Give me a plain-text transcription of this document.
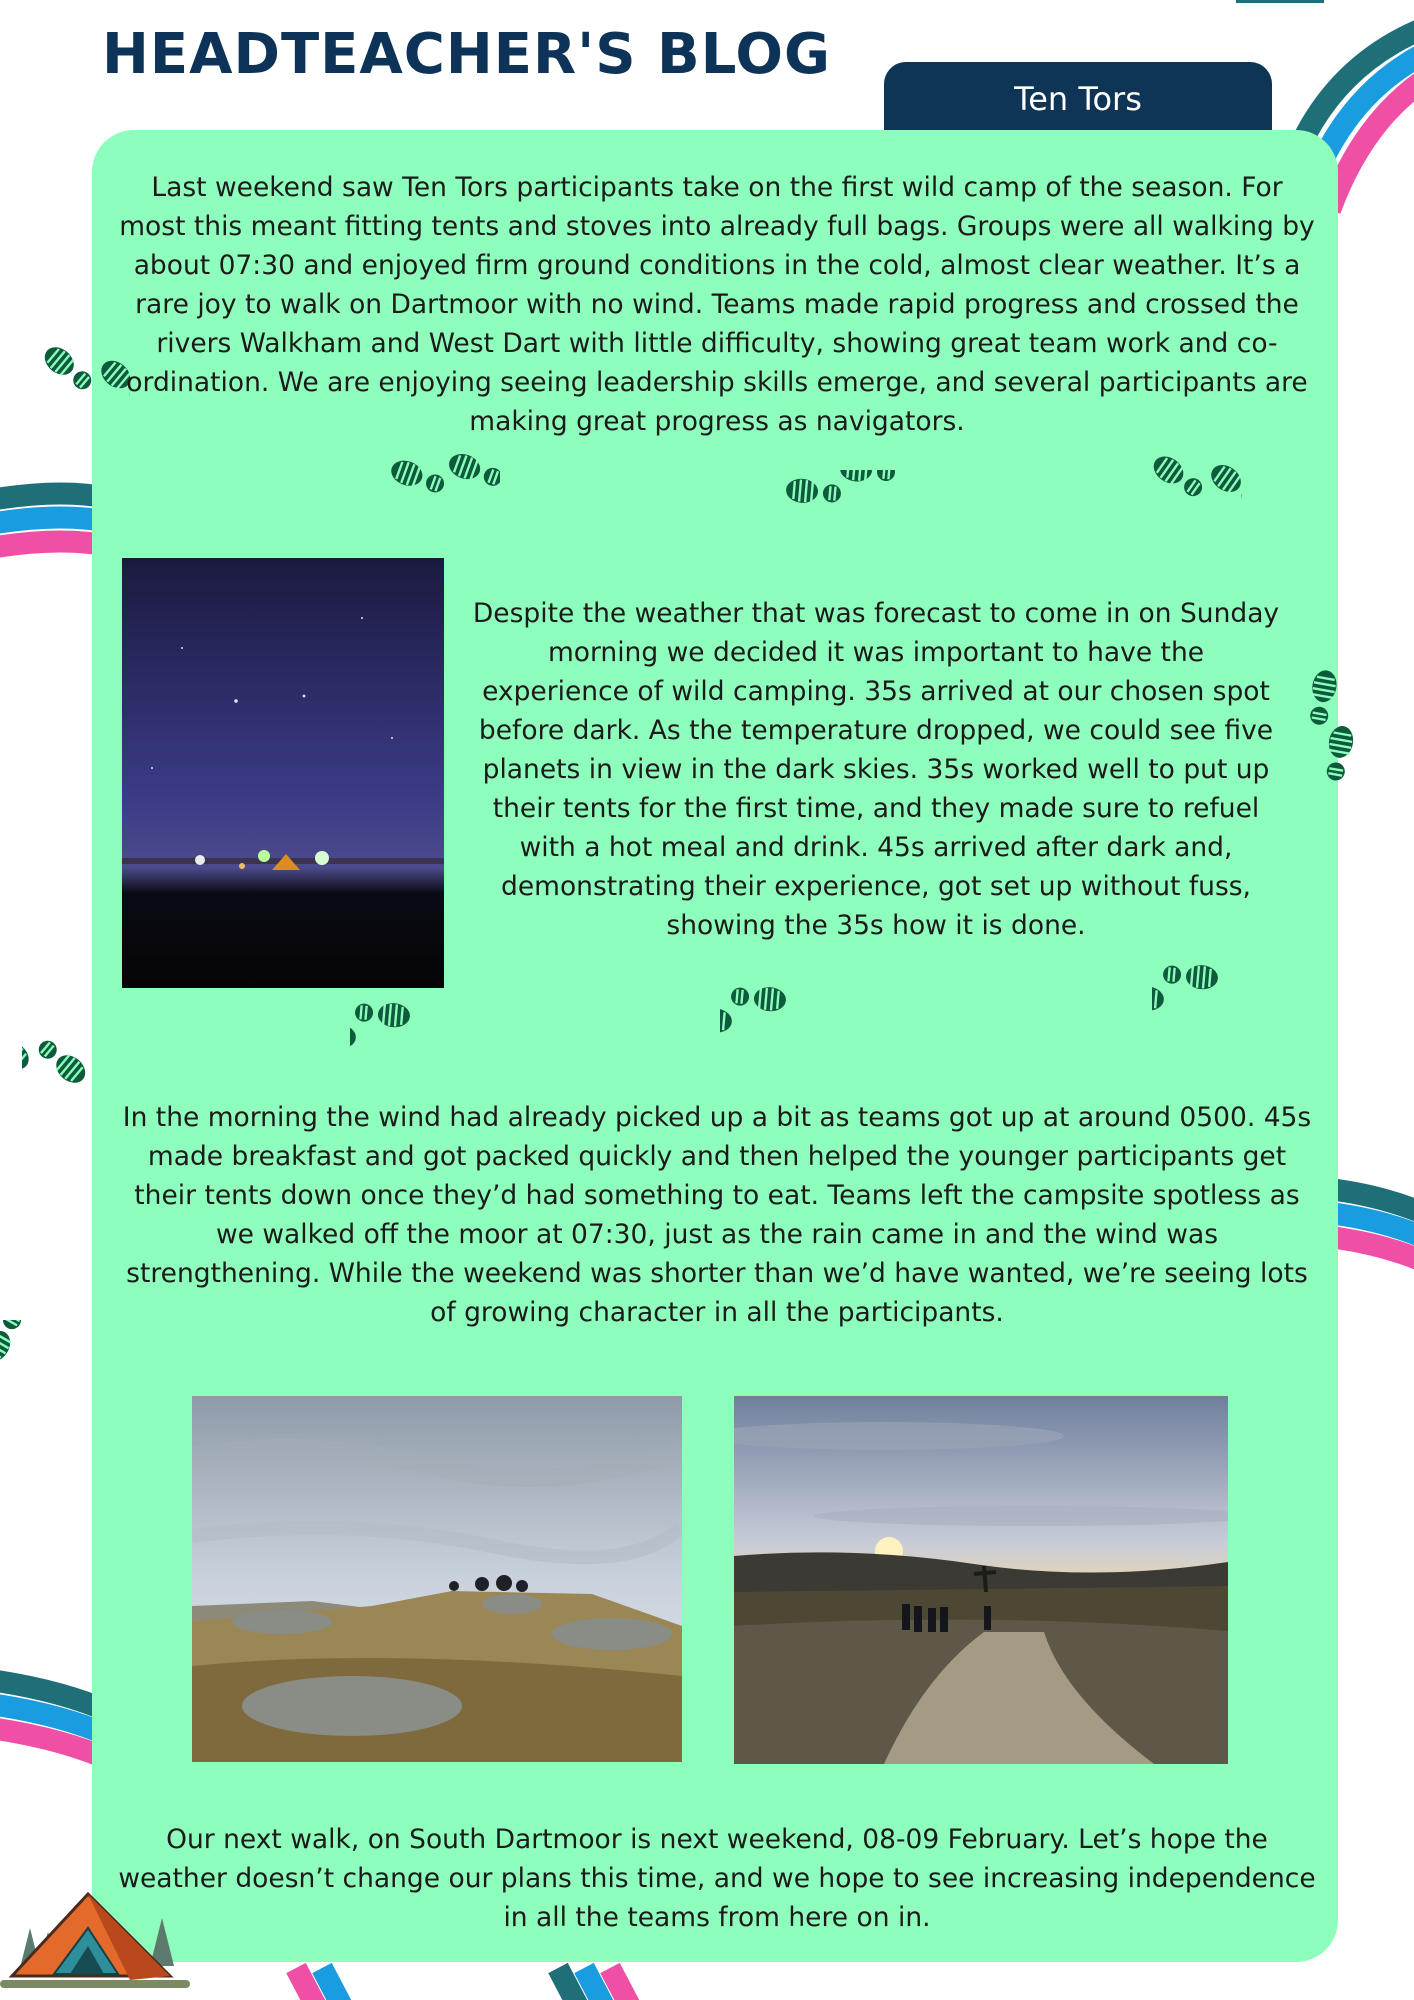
HEADTEACHER'S BLOG
Ten Tors

Last weekend saw Ten Tors participants take on the first wild camp of the season. For most this meant fitting tents and stoves into already full bags. Groups were all walking by about 07:30 and enjoyed firm ground conditions in the cold, almost clear weather. It’s a rare joy to walk on Dartmoor with no wind. Teams made rapid progress and crossed the rivers Walkham and West Dart with little difficulty, showing great team work and co-ordination. We are enjoying seeing leadership skills emerge, and several participants are making great progress as navigators.

Despite the weather that was forecast to come in on Sunday morning we decided it was important to have the experience of wild camping. 35s arrived at our chosen spot before dark. As the temperature dropped, we could see five planets in view in the dark skies. 35s worked well to put up their tents for the first time, and they made sure to refuel with a hot meal and drink. 45s arrived after dark and, demonstrating their experience, got set up without fuss, showing the 35s how it is done.

In the morning the wind had already picked up a bit as teams got up at around 0500. 45s made breakfast and got packed quickly and then helped the younger participants get their tents down once they’d had something to eat. Teams left the campsite spotless as we walked off the moor at 07:30, just as the rain came in and the wind was strengthening. While the weekend was shorter than we’d have wanted, we’re seeing lots of growing character in all the participants.

Our next walk, on South Dartmoor is next weekend, 08-09 February. Let’s hope the weather doesn’t change our plans this time, and we hope to see increasing independence in all the teams from here on in.
